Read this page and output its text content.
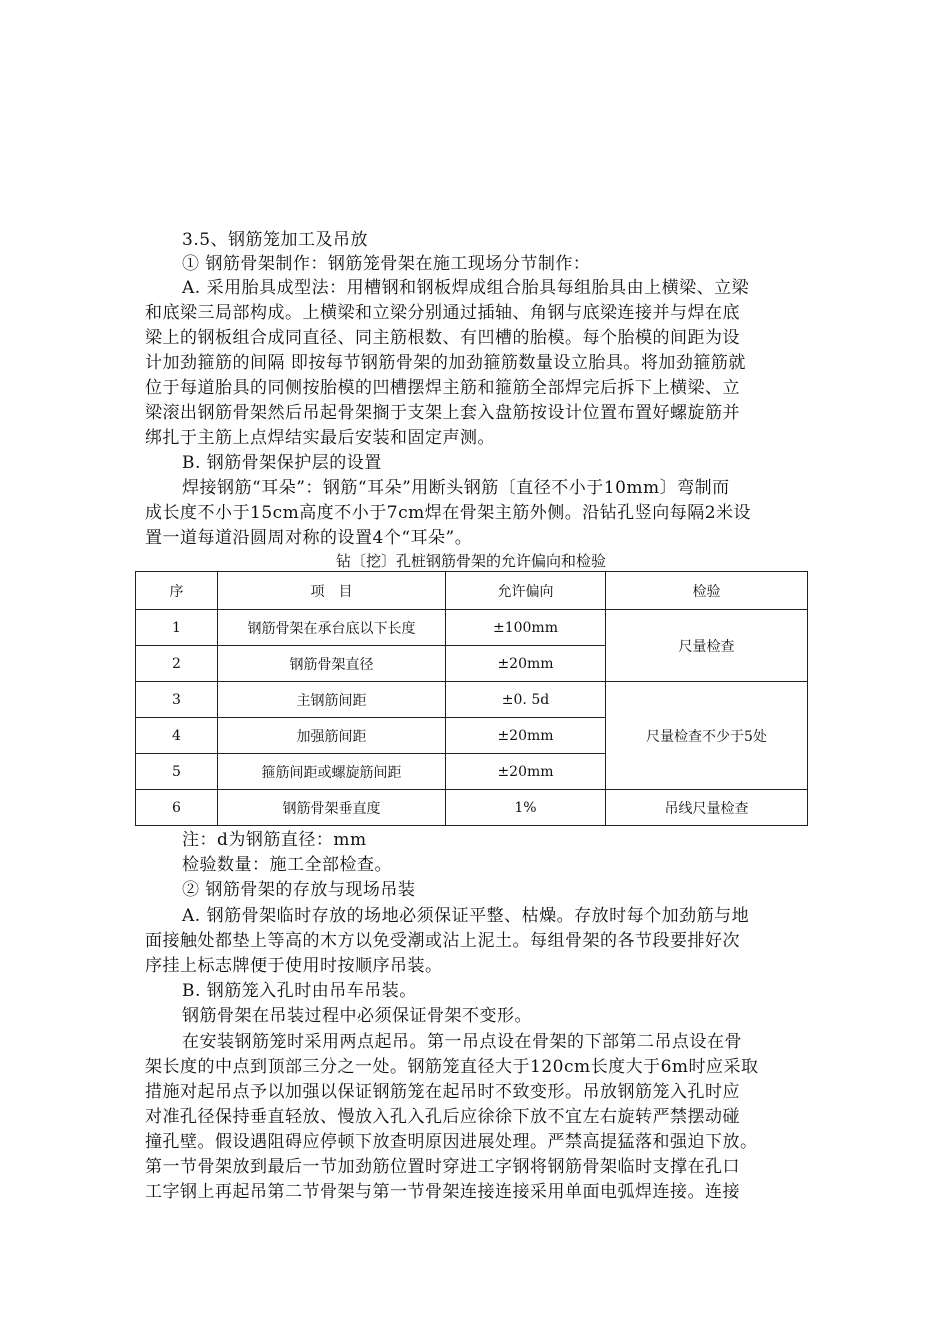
3.5、钢筋笼加工及吊放
① 钢筋骨架制作：钢筋笼骨架在施工现场分节制作：
A. 采用胎具成型法：用槽钢和钢板焊成组合胎具每组胎具由上横梁、立梁
和底梁三局部构成。上横梁和立梁分别通过插轴、角钢与底梁连接并与焊在底
梁上的钢板组合成同直径、同主筋根数、有凹槽的胎模。每个胎模的间距为设
计加劲箍筋的间隔 即按每节钢筋骨架的加劲箍筋数量设立胎具。将加劲箍筋就
位于每道胎具的同侧按胎模的凹槽摆焊主筋和箍筋全部焊完后拆下上横梁、立
梁滚出钢筋骨架然后吊起骨架搁于支架上套入盘筋按设计位置布置好螺旋筋并
绑扎于主筋上点焊结实最后安装和固定声测。
B. 钢筋骨架保护层的设置
焊接钢筋“耳朵”：钢筋“耳朵”用断头钢筋〔直径不小于10mm〕弯制而
成长度不小于15cm高度不小于7cm焊在骨架主筋外侧。沿钻孔竖向每隔2米设
置一道每道沿圆周对称的设置4个“耳朵”。
钻〔挖〕孔桩钢筋骨架的允许偏向和检验
序	项　目	允许偏向	检验
1	钢筋骨架在承台底以下长度	±100mm	尺量检查
2	钢筋骨架直径	±20mm	
3	主钢筋间距	±0. 5d	尺量检查不少于5处
4	加强筋间距	±20mm	
5	箍筋间距或螺旋筋间距	±20mm	
6	钢筋骨架垂直度	1%	吊线尺量检查
注：d为钢筋直径：mm
检验数量：施工全部检查。
② 钢筋骨架的存放与现场吊装
A. 钢筋骨架临时存放的场地必须保证平整、枯燥。存放时每个加劲筋与地
面接触处都垫上等高的木方以免受潮或沾上泥土。每组骨架的各节段要排好次
序挂上标志牌便于使用时按顺序吊装。
B. 钢筋笼入孔时由吊车吊装。
钢筋骨架在吊装过程中必须保证骨架不变形。
在安装钢筋笼时采用两点起吊。第一吊点设在骨架的下部第二吊点设在骨
架长度的中点到顶部三分之一处。钢筋笼直径大于120cm长度大于6m时应采取
措施对起吊点予以加强以保证钢筋笼在起吊时不致变形。吊放钢筋笼入孔时应
对准孔径保持垂直轻放、慢放入孔入孔后应徐徐下放不宜左右旋转严禁摆动碰
撞孔壁。假设遇阻碍应停顿下放查明原因进展处理。严禁高提猛落和强迫下放。
第一节骨架放到最后一节加劲筋位置时穿进工字钢将钢筋骨架临时支撑在孔口
工字钢上再起吊第二节骨架与第一节骨架连接连接采用单面电弧焊连接。连接
